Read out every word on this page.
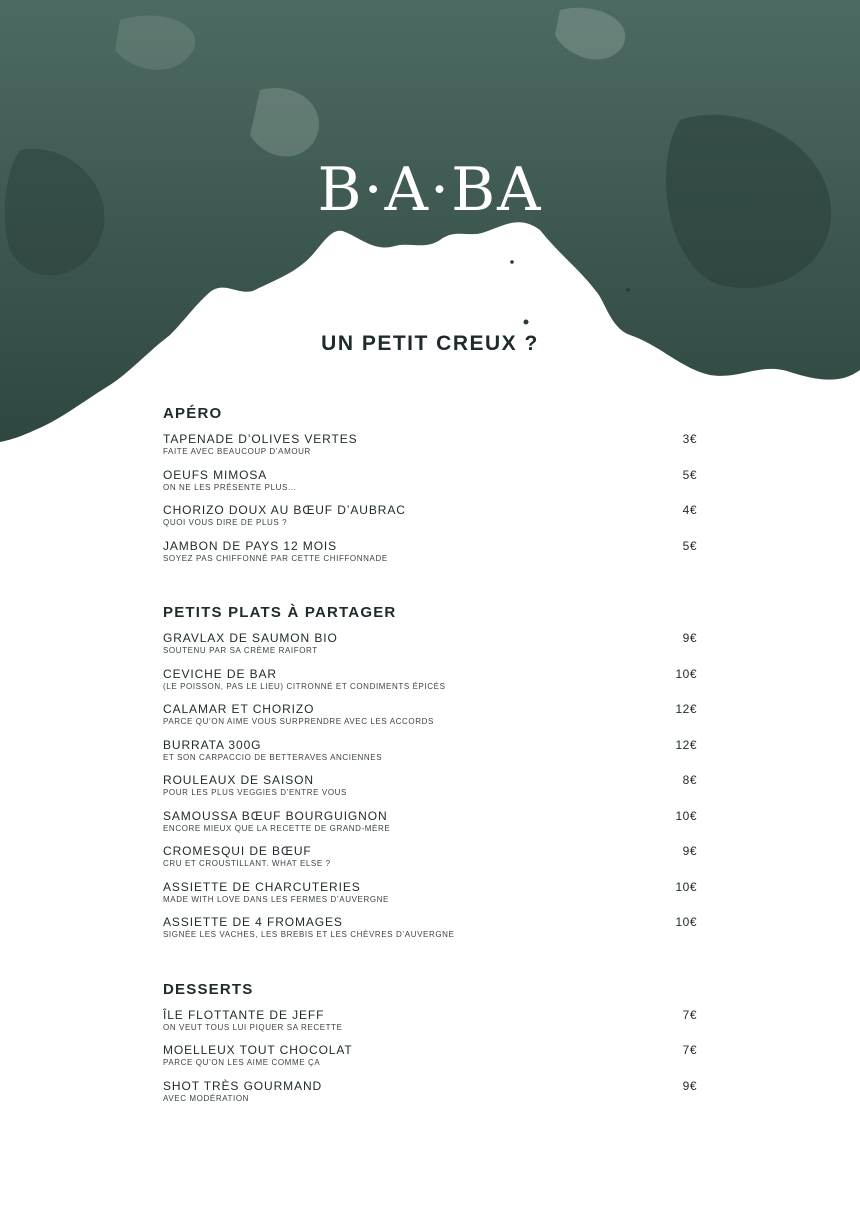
B·A·BA
UN PETIT CREUX ?
APÉRO
TAPENADE D’OLIVES VERTES
FAITE AVEC BEAUCOUP D’AMOUR
3€
OEUFS MIMOSA
ON NE LES PRÉSENTE PLUS...
5€
CHORIZO DOUX AU BŒUF D’AUBRAC
QUOI VOUS DIRE DE PLUS ?
4€
JAMBON DE PAYS 12 MOIS
SOYEZ PAS CHIFFONNÉ PAR CETTE CHIFFONNADE
5€
PETITS PLATS À PARTAGER
GRAVLAX DE SAUMON BIO
SOUTENU PAR SA CRÈME RAIFORT
9€
CEVICHE DE BAR
(LE POISSON, PAS LE LIEU) CITRONNÉ ET CONDIMENTS ÉPICÉS
10€
CALAMAR ET CHORIZO
PARCE QU’ON AIME VOUS SURPRENDRE AVEC LES ACCORDS
12€
BURRATA 300G
ET SON CARPACCIO DE BETTERAVES ANCIENNES
12€
ROULEAUX DE SAISON
POUR LES PLUS VEGGIES D’ENTRE VOUS
8€
SAMOUSSA BŒUF BOURGUIGNON
ENCORE MIEUX QUE LA RECETTE DE GRAND-MÈRE
10€
CROMESQUI DE BŒUF
CRU ET CROUSTILLANT. WHAT ELSE ?
9€
ASSIETTE DE CHARCUTERIES
MADE WITH LOVE DANS LES FERMES D’AUVERGNE
10€
ASSIETTE DE 4 FROMAGES
SIGNÉE LES VACHES, LES BREBIS ET LES CHÈVRES D’AUVERGNE
10€
DESSERTS
ÎLE FLOTTANTE DE JEFF
ON VEUT TOUS LUI PIQUER SA RECETTE
7€
MOELLEUX TOUT CHOCOLAT
PARCE QU’ON LES AIME COMME ÇA
7€
SHOT TRÈS GOURMAND
AVEC MODÉRATION
9€
